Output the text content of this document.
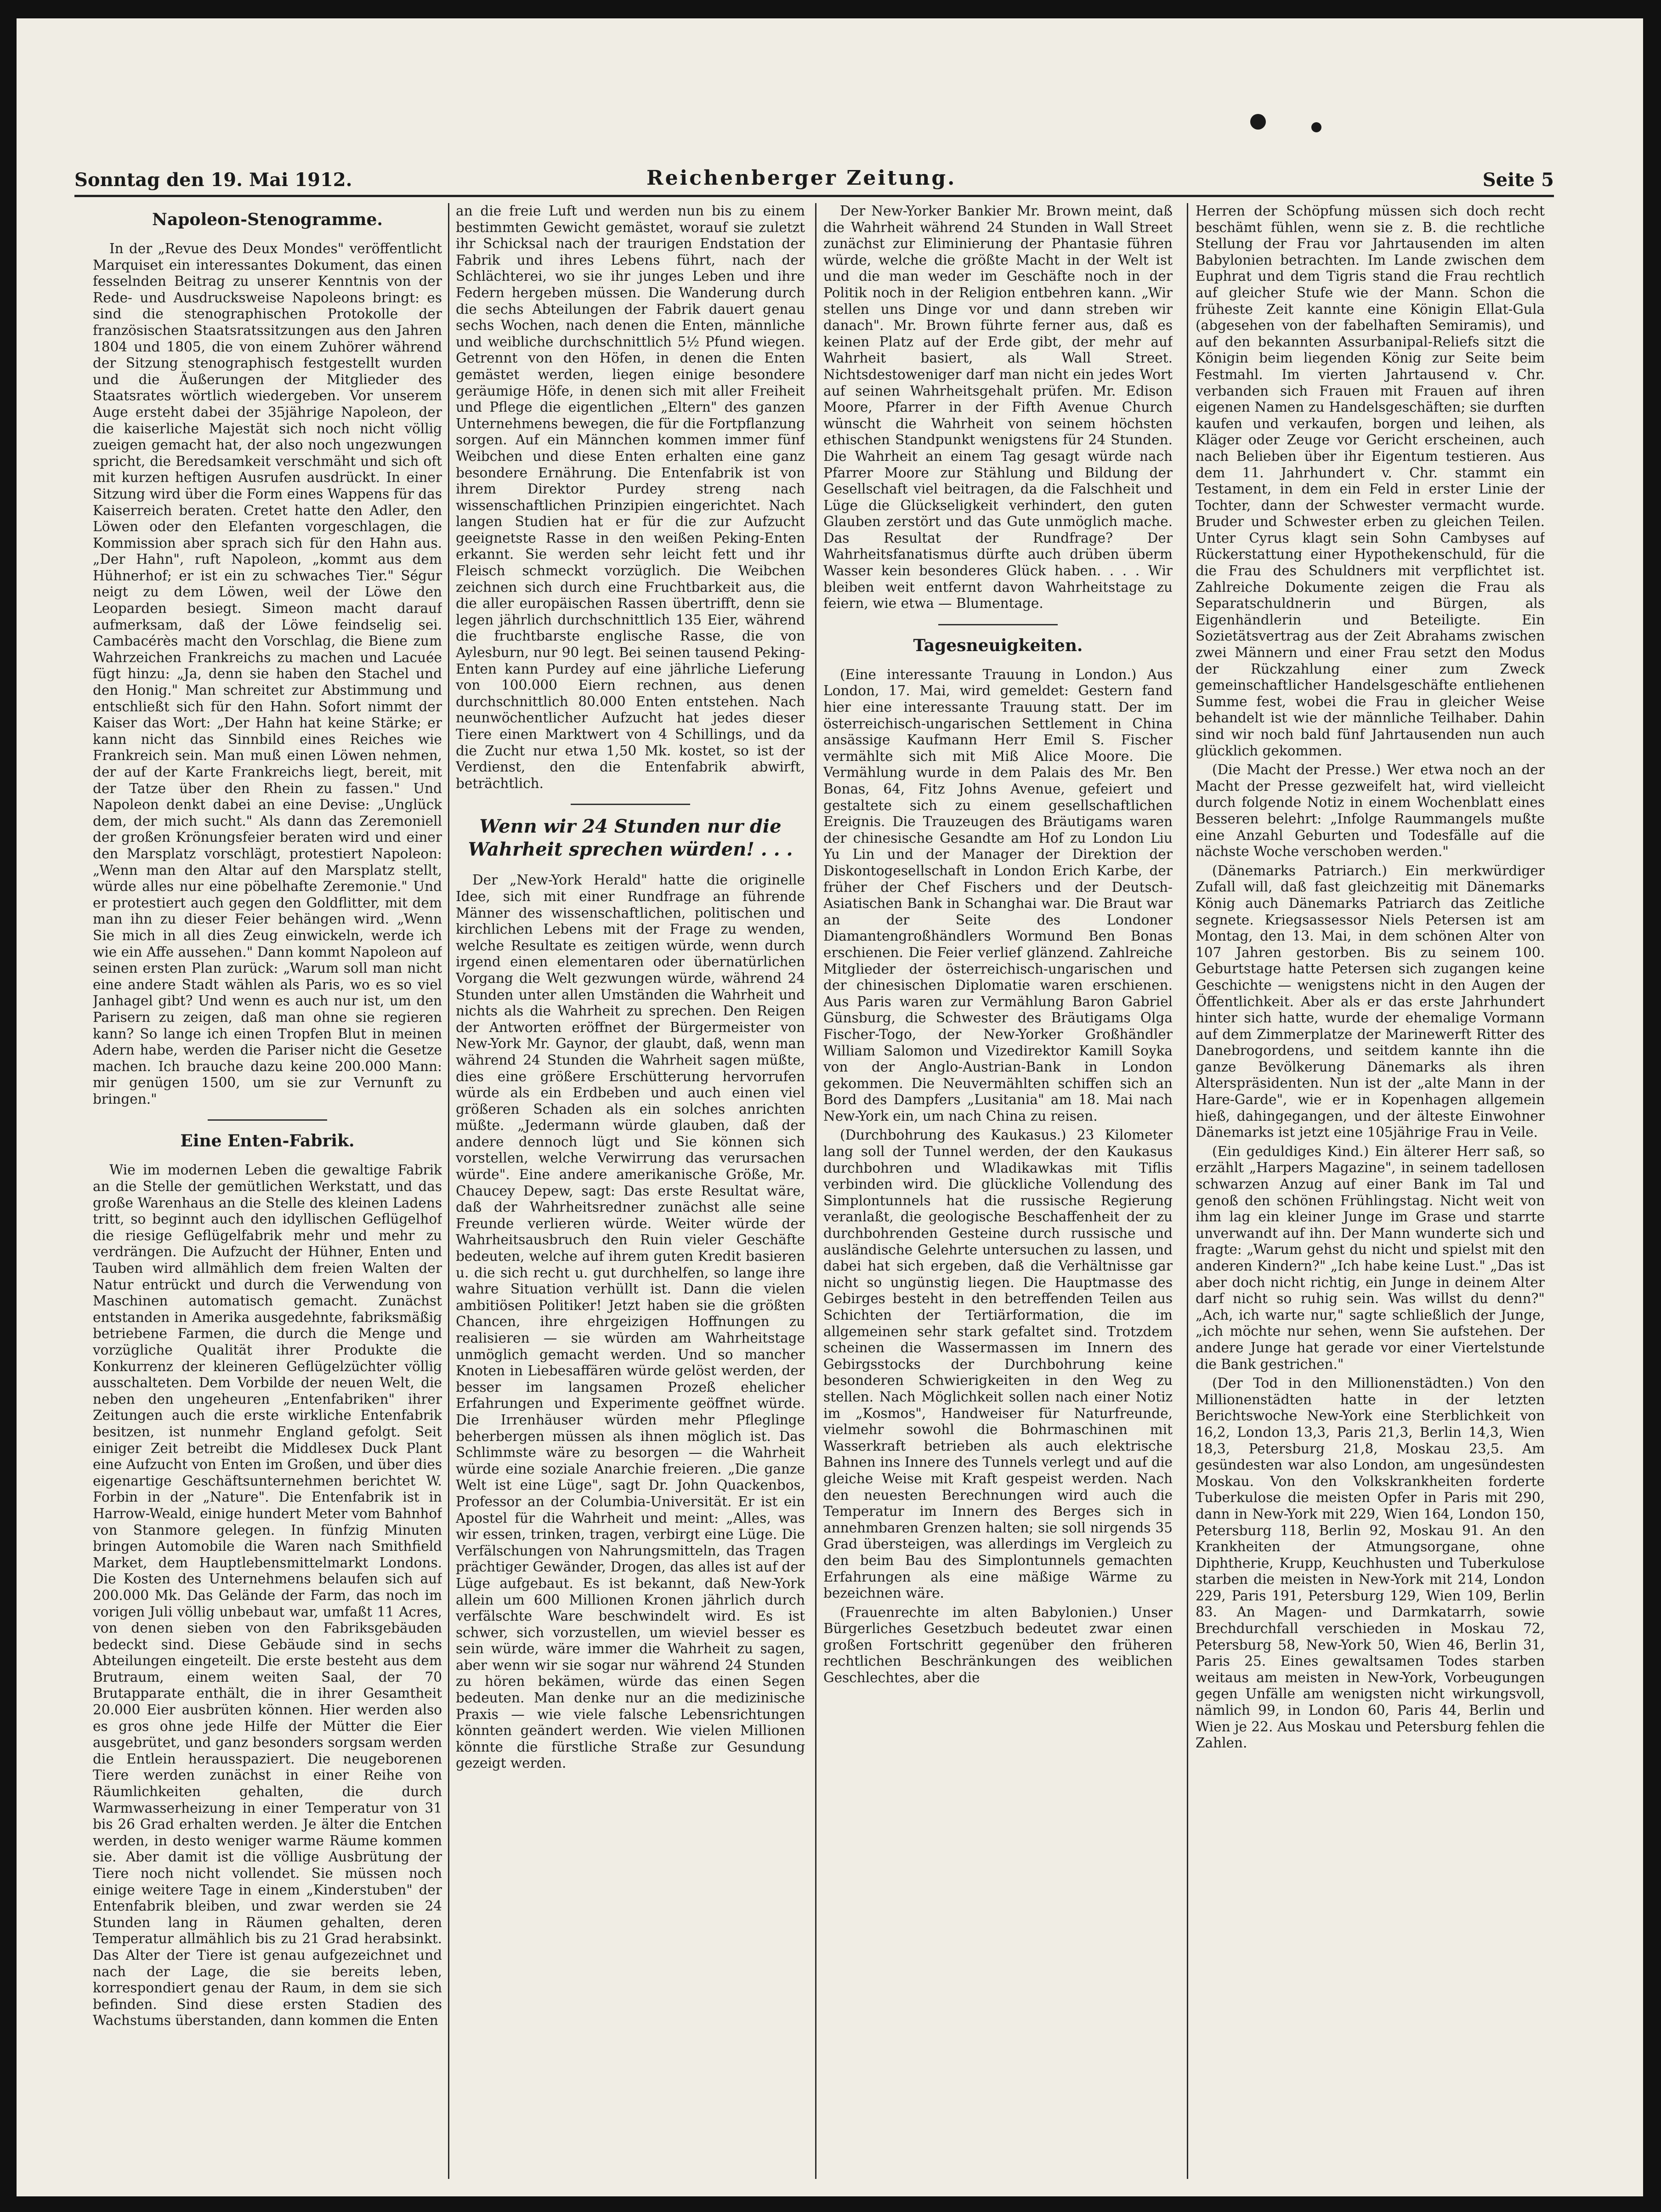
Sonntag den 19. Mai 1912.	Reichenberger Zeitung.	Seite 5
Napoleon-Stenogramme.

In der „Revue des Deux Mondes" veröffentlicht Marquiset ein interessantes Dokument, das einen fesselnden Beitrag zu unserer Kenntnis von der Rede- und Ausdrucksweise Napoleons bringt: es sind die stenographischen Protokolle der französischen Staatsratssitzungen aus den Jahren 1804 und 1805, die von einem Zuhörer während der Sitzung stenographisch festgestellt wurden und die Äußerungen der Mitglieder des Staatsrates wörtlich wiedergeben. Vor unserem Auge ersteht dabei der 35jährige Napoleon, der die kaiserliche Majestät sich noch nicht völlig zueigen gemacht hat, der also noch ungezwungen spricht, die Beredsamkeit verschmäht und sich oft mit kurzen heftigen Ausrufen ausdrückt. In einer Sitzung wird über die Form eines Wappens für das Kaiserreich beraten. Cretet hatte den Adler, den Löwen oder den Elefanten vorgeschlagen, die Kommission aber sprach sich für den Hahn aus. „Der Hahn", ruft Napoleon, „kommt aus dem Hühnerhof; er ist ein zu schwaches Tier." Ségur neigt zu dem Löwen, weil der Löwe den Leoparden besiegt. Simeon macht darauf aufmerksam, daß der Löwe feindselig sei. Cambacérès macht den Vorschlag, die Biene zum Wahrzeichen Frankreichs zu machen und Lacuée fügt hinzu: „Ja, denn sie haben den Stachel und den Honig." Man schreitet zur Abstimmung und entschließt sich für den Hahn. Sofort nimmt der Kaiser das Wort: „Der Hahn hat keine Stärke; er kann nicht das Sinnbild eines Reiches wie Frankreich sein. Man muß einen Löwen nehmen, der auf der Karte Frankreichs liegt, bereit, mit der Tatze über den Rhein zu fassen." Und Napoleon denkt dabei an eine Devise: „Unglück dem, der mich sucht." Als dann das Zeremoniell der großen Krönungsfeier beraten wird und einer den Marsplatz vorschlägt, protestiert Napoleon: „Wenn man den Altar auf den Marsplatz stellt, würde alles nur eine pöbelhafte Zeremonie." Und er protestiert auch gegen den Goldflitter, mit dem man ihn zu dieser Feier behängen wird. „Wenn Sie mich in all dies Zeug einwickeln, werde ich wie ein Affe aussehen." Dann kommt Napoleon auf seinen ersten Plan zurück: „Warum soll man nicht eine andere Stadt wählen als Paris, wo es so viel Janhagel gibt? Und wenn es auch nur ist, um den Parisern zu zeigen, daß man ohne sie regieren kann? So lange ich einen Tropfen Blut in meinen Adern habe, werden die Pariser nicht die Gesetze machen. Ich brauche dazu keine 200.000 Mann: mir genügen 1500, um sie zur Vernunft zu bringen."

Eine Enten-Fabrik.

Wie im modernen Leben die gewaltige Fabrik an die Stelle der gemütlichen Werkstatt, und das große Warenhaus an die Stelle des kleinen Ladens tritt, so beginnt auch den idyllischen Geflügelhof die riesige Geflügelfabrik mehr und mehr zu verdrängen. Die Aufzucht der Hühner, Enten und Tauben wird allmählich dem freien Walten der Natur entrückt und durch die Verwendung von Maschinen automatisch gemacht. Zunächst entstanden in Amerika ausgedehnte, fabriksmäßig betriebene Farmen, die durch die Menge und vorzügliche Qualität ihrer Produkte die Konkurrenz der kleineren Geflügelzüchter völlig ausschalteten. Dem Vorbilde der neuen Welt, die neben den ungeheuren „Entenfabriken" ihrer Zeitungen auch die erste wirkliche Entenfabrik besitzen, ist nunmehr England gefolgt. Seit einiger Zeit betreibt die Middlesex Duck Plant eine Aufzucht von Enten im Großen, und über dies eigenartige Geschäftsunternehmen berichtet W. Forbin in der „Nature". Die Entenfabrik ist in Harrow-Weald, einige hundert Meter vom Bahnhof von Stanmore gelegen. In fünfzig Minuten bringen Automobile die Waren nach Smithfield Market, dem Hauptlebensmittelmarkt Londons. Die Kosten des Unternehmens belaufen sich auf 200.000 Mk. Das Gelände der Farm, das noch im vorigen Juli völlig unbebaut war, umfaßt 11 Acres, von denen sieben von den Fabriksgebäuden bedeckt sind. Diese Gebäude sind in sechs Abteilungen eingeteilt. Die erste besteht aus dem Brutraum, einem weiten Saal, der 70 Brutapparate enthält, die in ihrer Gesamtheit 20.000 Eier ausbrüten können. Hier werden also es gros ohne jede Hilfe der Mütter die Eier ausgebrütet, und ganz besonders sorgsam werden die Entlein herausspaziert. Die neugeborenen Tiere werden zunächst in einer Reihe von Räumlichkeiten gehalten, die durch Warmwasserheizung in einer Temperatur von 31 bis 26 Grad erhalten werden. Je älter die Entchen werden, in desto weniger warme Räume kommen sie. Aber damit ist die völlige Ausbrütung der Tiere noch nicht vollendet. Sie müssen noch einige weitere Tage in einem „Kinderstuben" der Entenfabrik bleiben, und zwar werden sie 24 Stunden lang in Räumen gehalten, deren Temperatur allmählich bis zu 21 Grad herabsinkt. Das Alter der Tiere ist genau aufgezeichnet und nach der Lage, die sie bereits leben, korrespondiert genau der Raum, in dem sie sich befinden. Sind diese ersten Stadien des Wachstums überstanden, dann kommen die Enten

an die freie Luft und werden nun bis zu einem bestimmten Gewicht gemästet, worauf sie zuletzt ihr Schicksal nach der traurigen Endstation der Fabrik und ihres Lebens führt, nach der Schlächterei, wo sie ihr junges Leben und ihre Federn hergeben müssen. Die Wanderung durch die sechs Abteilungen der Fabrik dauert genau sechs Wochen, nach denen die Enten, männliche und weibliche durchschnittlich 5½ Pfund wiegen. Getrennt von den Höfen, in denen die Enten gemästet werden, liegen einige besondere geräumige Höfe, in denen sich mit aller Freiheit und Pflege die eigentlichen „Eltern" des ganzen Unternehmens bewegen, die für die Fortpflanzung sorgen. Auf ein Männchen kommen immer fünf Weibchen und diese Enten erhalten eine ganz besondere Ernährung. Die Entenfabrik ist von ihrem Direktor Purdey streng nach wissenschaftlichen Prinzipien eingerichtet. Nach langen Studien hat er für die zur Aufzucht geeignetste Rasse in den weißen Peking-Enten erkannt. Sie werden sehr leicht fett und ihr Fleisch schmeckt vorzüglich. Die Weibchen zeichnen sich durch eine Fruchtbarkeit aus, die die aller europäischen Rassen übertrifft, denn sie legen jährlich durchschnittlich 135 Eier, während die fruchtbarste englische Rasse, die von Aylesburn, nur 90 legt. Bei seinen tausend Peking-Enten kann Purdey auf eine jährliche Lieferung von 100.000 Eiern rechnen, aus denen durchschnittlich 80.000 Enten entstehen. Nach neunwöchentlicher Aufzucht hat jedes dieser Tiere einen Marktwert von 4 Schillings, und da die Zucht nur etwa 1,50 Mk. kostet, so ist der Verdienst, den die Entenfabrik abwirft, beträchtlich.

Wenn wir 24 Stunden nur die Wahrheit sprechen würden! . . .

Der „New-York Herald" hatte die originelle Idee, sich mit einer Rundfrage an führende Männer des wissenschaftlichen, politischen und kirchlichen Lebens mit der Frage zu wenden, welche Resultate es zeitigen würde, wenn durch irgend einen elementaren oder übernatürlichen Vorgang die Welt gezwungen würde, während 24 Stunden unter allen Umständen die Wahrheit und nichts als die Wahrheit zu sprechen. Den Reigen der Antworten eröffnet der Bürgermeister von New-York Mr. Gaynor, der glaubt, daß, wenn man während 24 Stunden die Wahrheit sagen müßte, dies eine größere Erschütterung hervorrufen würde als ein Erdbeben und auch einen viel größeren Schaden als ein solches anrichten müßte. „Jedermann würde glauben, daß der andere dennoch lügt und Sie können sich vorstellen, welche Verwirrung das verursachen würde". Eine andere amerikanische Größe, Mr. Chaucey Depew, sagt: Das erste Resultat wäre, daß der Wahrheitsredner zunächst alle seine Freunde verlieren würde. Weiter würde der Wahrheitsausbruch den Ruin vieler Geschäfte bedeuten, welche auf ihrem guten Kredit basieren u. die sich recht u. gut durchhelfen, so lange ihre wahre Situation verhüllt ist. Dann die vielen ambitiösen Politiker! Jetzt haben sie die größten Chancen, ihre ehrgeizigen Hoffnungen zu realisieren — sie würden am Wahrheitstage unmöglich gemacht werden. Und so mancher Knoten in Liebesaffären würde gelöst werden, der besser im langsamen Prozeß ehelicher Erfahrungen und Experimente geöffnet würde. Die Irrenhäuser würden mehr Pfleglinge beherbergen müssen als ihnen möglich ist. Das Schlimmste wäre zu besorgen — die Wahrheit würde eine soziale Anarchie freieren. „Die ganze Welt ist eine Lüge", sagt Dr. John Quackenbos, Professor an der Columbia-Universität. Er ist ein Apostel für die Wahrheit und meint: „Alles, was wir essen, trinken, tragen, verbirgt eine Lüge. Die Verfälschungen von Nahrungsmitteln, das Tragen prächtiger Gewänder, Drogen, das alles ist auf der Lüge aufgebaut. Es ist bekannt, daß New-York allein um 600 Millionen Kronen jährlich durch verfälschte Ware beschwindelt wird. Es ist schwer, sich vorzustellen, um wieviel besser es sein würde, wäre immer die Wahrheit zu sagen, aber wenn wir sie sogar nur während 24 Stunden zu hören bekämen, würde das einen Segen bedeuten. Man denke nur an die medizinische Praxis — wie viele falsche Lebensrichtungen könnten geändert werden. Wie vielen Millionen könnte die fürstliche Straße zur Gesundung gezeigt werden.

Der New-Yorker Bankier Mr. Brown meint, daß die Wahrheit während 24 Stunden in Wall Street zunächst zur Eliminierung der Phantasie führen würde, welche die größte Macht in der Welt ist und die man weder im Geschäfte noch in der Politik noch in der Religion entbehren kann. „Wir stellen uns Dinge vor und dann streben wir danach". Mr. Brown führte ferner aus, daß es keinen Platz auf der Erde gibt, der mehr auf Wahrheit basiert, als Wall Street. Nichtsdestoweniger darf man nicht ein jedes Wort auf seinen Wahrheitsgehalt prüfen. Mr. Edison Moore, Pfarrer in der Fifth Avenue Church wünscht die Wahrheit von seinem höchsten ethischen Standpunkt wenigstens für 24 Stunden. Die Wahrheit an einem Tag gesagt würde nach Pfarrer Moore zur Stählung und Bildung der Gesellschaft viel beitragen, da die Falschheit und Lüge die Glückseligkeit verhindert, den guten Glauben zerstört und das Gute unmöglich mache. Das Resultat der Rundfrage? Der Wahrheitsfanatismus dürfte auch drüben überm Wasser kein besonderes Glück haben. . . . Wir bleiben weit entfernt davon Wahrheitstage zu feiern, wie etwa — Blumentage.

Tagesneuigkeiten.

(Eine interessante Trauung in London.) Aus London, 17. Mai, wird gemeldet: Gestern fand hier eine interessante Trauung statt. Der im österreichisch-ungarischen Settlement in China ansässige Kaufmann Herr Emil S. Fischer vermählte sich mit Miß Alice Moore. Die Vermählung wurde in dem Palais des Mr. Ben Bonas, 64, Fitz Johns Avenue, gefeiert und gestaltete sich zu einem gesellschaftlichen Ereignis. Die Trauzeugen des Bräutigams waren der chinesische Gesandte am Hof zu London Liu Yu Lin und der Manager der Direktion der Diskontogesellschaft in London Erich Karbe, der früher der Chef Fischers und der Deutsch-Asiatischen Bank in Schanghai war. Die Braut war an der Seite des Londoner Diamantengroßhändlers Wormund Ben Bonas erschienen. Die Feier verlief glänzend. Zahlreiche Mitglieder der österreichisch-ungarischen und der chinesischen Diplomatie waren erschienen. Aus Paris waren zur Vermählung Baron Gabriel Günsburg, die Schwester des Bräutigams Olga Fischer-Togo, der New-Yorker Großhändler William Salomon und Vizedirektor Kamill Soyka von der Anglo-Austrian-Bank in London gekommen. Die Neuvermählten schiffen sich an Bord des Dampfers „Lusitania" am 18. Mai nach New-York ein, um nach China zu reisen.

(Durchbohrung des Kaukasus.) 23 Kilometer lang soll der Tunnel werden, der den Kaukasus durchbohren und Wladikawkas mit Tiflis verbinden wird. Die glückliche Vollendung des Simplontunnels hat die russische Regierung veranlaßt, die geologische Beschaffenheit der zu durchbohrenden Gesteine durch russische und ausländische Gelehrte untersuchen zu lassen, und dabei hat sich ergeben, daß die Verhältnisse gar nicht so ungünstig liegen. Die Hauptmasse des Gebirges besteht in den betreffenden Teilen aus Schichten der Tertiärformation, die im allgemeinen sehr stark gefaltet sind. Trotzdem scheinen die Wassermassen im Innern des Gebirgsstocks der Durchbohrung keine besonderen Schwierigkeiten in den Weg zu stellen. Nach Möglichkeit sollen nach einer Notiz im „Kosmos", Handweiser für Naturfreunde, vielmehr sowohl die Bohrmaschinen mit Wasserkraft betrieben als auch elektrische Bahnen ins Innere des Tunnels verlegt und auf die gleiche Weise mit Kraft gespeist werden. Nach den neuesten Berechnungen wird auch die Temperatur im Innern des Berges sich in annehmbaren Grenzen halten; sie soll nirgends 35 Grad übersteigen, was allerdings im Vergleich zu den beim Bau des Simplontunnels gemachten Erfahrungen als eine mäßige Wärme zu bezeichnen wäre.

(Frauenrechte im alten Babylonien.) Unser Bürgerliches Gesetzbuch bedeutet zwar einen großen Fortschritt gegenüber den früheren rechtlichen Beschränkungen des weiblichen Geschlechtes, aber die

Herren der Schöpfung müssen sich doch recht beschämt fühlen, wenn sie z. B. die rechtliche Stellung der Frau vor Jahrtausenden im alten Babylonien betrachten. Im Lande zwischen dem Euphrat und dem Tigris stand die Frau rechtlich auf gleicher Stufe wie der Mann. Schon die früheste Zeit kannte eine Königin Ellat-Gula (abgesehen von der fabelhaften Semiramis), und auf den bekannten Assurbanipal-Reliefs sitzt die Königin beim liegenden König zur Seite beim Festmahl. Im vierten Jahrtausend v. Chr. verbanden sich Frauen mit Frauen auf ihren eigenen Namen zu Handelsgeschäften; sie durften kaufen und verkaufen, borgen und leihen, als Kläger oder Zeuge vor Gericht erscheinen, auch nach Belieben über ihr Eigentum testieren. Aus dem 11. Jahrhundert v. Chr. stammt ein Testament, in dem ein Feld in erster Linie der Tochter, dann der Schwester vermacht wurde. Bruder und Schwester erben zu gleichen Teilen. Unter Cyrus klagt sein Sohn Cambyses auf Rückerstattung einer Hypothekenschuld, für die die Frau des Schuldners mit verpflichtet ist. Zahlreiche Dokumente zeigen die Frau als Separatschuldnerin und Bürgen, als Eigenhändlerin und Beteiligte. Ein Sozietätsvertrag aus der Zeit Abrahams zwischen zwei Männern und einer Frau setzt den Modus der Rückzahlung einer zum Zweck gemeinschaftlicher Handelsgeschäfte entliehenen Summe fest, wobei die Frau in gleicher Weise behandelt ist wie der männliche Teilhaber. Dahin sind wir noch bald fünf Jahrtausenden nun auch glücklich gekommen.

(Die Macht der Presse.) Wer etwa noch an der Macht der Presse gezweifelt hat, wird vielleicht durch folgende Notiz in einem Wochenblatt eines Besseren belehrt: „Infolge Raummangels mußte eine Anzahl Geburten und Todesfälle auf die nächste Woche verschoben werden."

(Dänemarks Patriarch.) Ein merkwürdiger Zufall will, daß fast gleichzeitig mit Dänemarks König auch Dänemarks Patriarch das Zeitliche segnete. Kriegsassessor Niels Petersen ist am Montag, den 13. Mai, in dem schönen Alter von 107 Jahren gestorben. Bis zu seinem 100. Geburtstage hatte Petersen sich zugangen keine Geschichte — wenigstens nicht in den Augen der Öffentlichkeit. Aber als er das erste Jahrhundert hinter sich hatte, wurde der ehemalige Vormann auf dem Zimmerplatze der Marinewerft Ritter des Danebrogordens, und seitdem kannte ihn die ganze Bevölkerung Dänemarks als ihren Alterspräsidenten. Nun ist der „alte Mann in der Hare-Garde", wie er in Kopenhagen allgemein hieß, dahingegangen, und der älteste Einwohner Dänemarks ist jetzt eine 105jährige Frau in Veile.

(Ein geduldiges Kind.) Ein älterer Herr saß, so erzählt „Harpers Magazine", in seinem tadellosen schwarzen Anzug auf einer Bank im Tal und genoß den schönen Frühlingstag. Nicht weit von ihm lag ein kleiner Junge im Grase und starrte unverwandt auf ihn. Der Mann wunderte sich und fragte: „Warum gehst du nicht und spielst mit den anderen Kindern?" „Ich habe keine Lust." „Das ist aber doch nicht richtig, ein Junge in deinem Alter darf nicht so ruhig sein. Was willst du denn?" „Ach, ich warte nur," sagte schließlich der Junge, „ich möchte nur sehen, wenn Sie aufstehen. Der andere Junge hat gerade vor einer Viertelstunde die Bank gestrichen."

(Der Tod in den Millionenstädten.) Von den Millionenstädten hatte in der letzten Berichtswoche New-York eine Sterblichkeit von 16,2, London 13,3, Paris 21,3, Berlin 14,3, Wien 18,3, Petersburg 21,8, Moskau 23,5. Am gesündesten war also London, am ungesündesten Moskau. Von den Volkskrankheiten forderte Tuberkulose die meisten Opfer in Paris mit 290, dann in New-York mit 229, Wien 164, London 150, Petersburg 118, Berlin 92, Moskau 91. An den Krankheiten der Atmungsorgane, ohne Diphtherie, Krupp, Keuchhusten und Tuberkulose starben die meisten in New-York mit 214, London 229, Paris 191, Petersburg 129, Wien 109, Berlin 83. An Magen- und Darmkatarrh, sowie Brechdurchfall verschieden in Moskau 72, Petersburg 58, New-York 50, Wien 46, Berlin 31, Paris 25. Eines gewaltsamen Todes starben weitaus am meisten in New-York, Vorbeugungen gegen Unfälle am wenigsten nicht wirkungsvoll, nämlich 99, in London 60, Paris 44, Berlin und Wien je 22. Aus Moskau und Petersburg fehlen die Zahlen.
